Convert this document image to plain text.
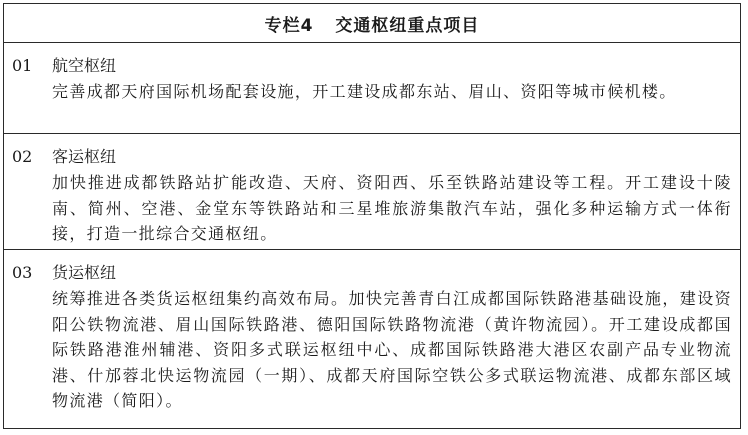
专栏4 交通枢纽重点项目
01 航空枢纽
完善成都天府国际机场配套设施，开工建设成都东站、眉山、资阳等城市候机楼。
02 客运枢纽
加快推进成都铁路站扩能改造、天府、资阳西、乐至铁路站建设等工程。开工建设十陵南、简州、空港、金堂东等铁路站和三星堆旅游集散汽车站，强化多种运输方式一体衔接，打造一批综合交通枢纽。
03 货运枢纽
统筹推进各类货运枢纽集约高效布局。加快完善青白江成都国际铁路港基础设施，建设资阳公铁物流港、眉山国际铁路港、德阳国际铁路物流港（黄许物流园）。开工建设成都国际铁路港淮州辅港、资阳多式联运枢纽中心、成都国际铁路港大港区农副产品专业物流港、什邡蓉北快运物流园（一期）、成都天府国际空铁公多式联运物流港、成都东部区域物流港（简阳）。
